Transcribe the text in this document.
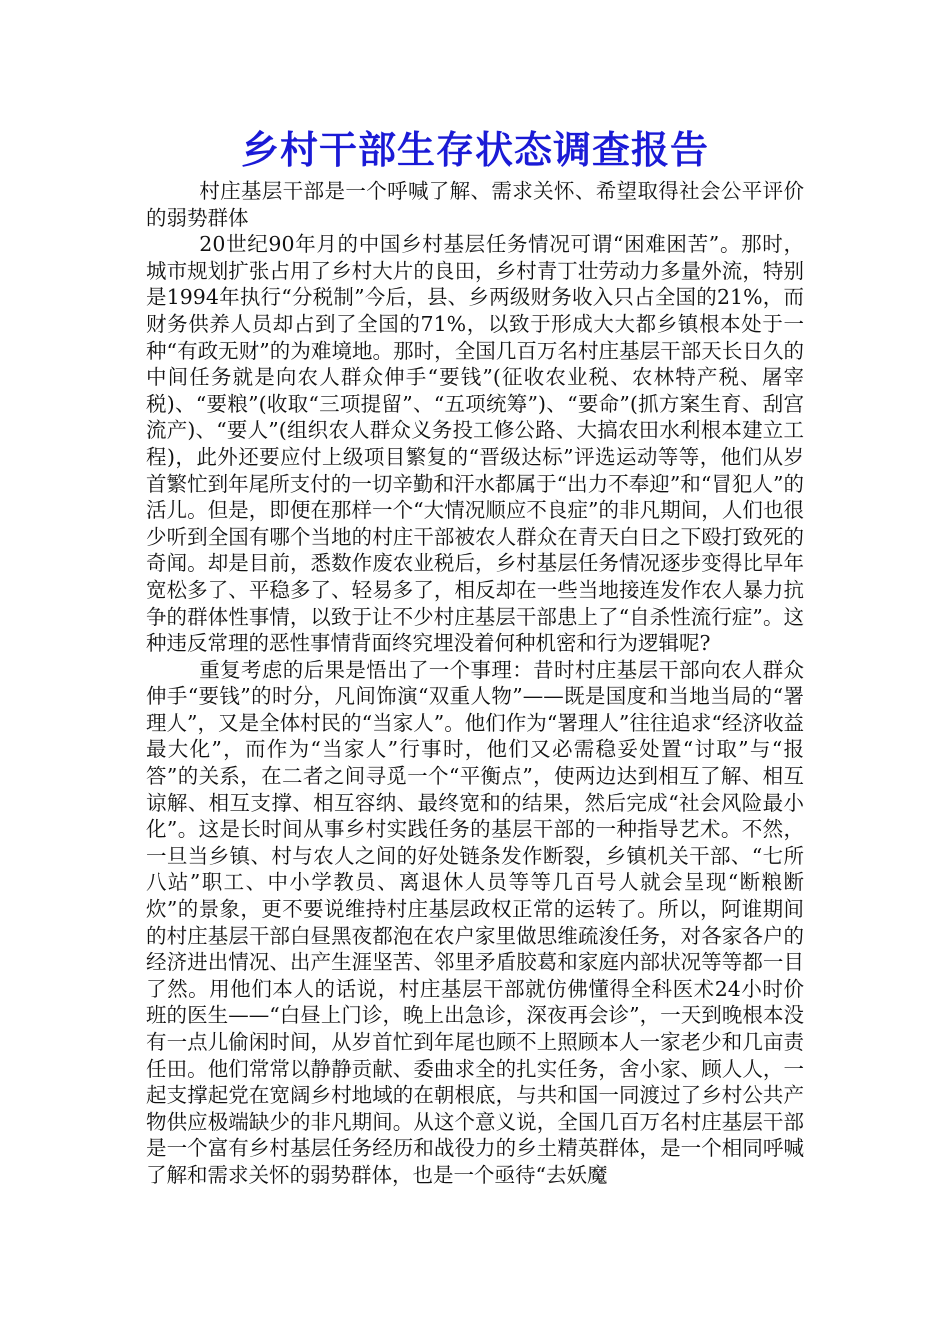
乡村干部生存状态调查报告

村庄基层干部是一个呼喊了解、需求关怀、希望取得社会公平评价的弱势群体

20世纪90年月的中国乡村基层任务情况可谓“困难困苦”。那时，城市规划扩张占用了乡村大片的良田，乡村青丁壮劳动力多量外流，特别是1994年执行“分税制”今后，县、乡两级财务收入只占全国的21%，而财务供养人员却占到了全国的71%，以致于形成大大都乡镇根本处于一种“有政无财”的为难境地。那时，全国几百万名村庄基层干部天长日久的中间任务就是向农人群众伸手“要钱”(征收农业税、农林特产税、屠宰税)、“要粮”(收取“三项提留”、“五项统筹”)、“要命”(抓方案生育、刮宫流产)、“要人”(组织农人群众义务投工修公路、大搞农田水利根本建立工程)，此外还要应付上级项目繁复的“晋级达标”评选运动等等，他们从岁首繁忙到年尾所支付的一切辛勤和汗水都属于“出力不奉迎”和“冒犯人”的活儿。但是，即便在那样一个“大情况顺应不良症”的非凡期间，人们也很少听到全国有哪个当地的村庄干部被农人群众在青天白日之下殴打致死的奇闻。却是目前，悉数作废农业税后，乡村基层任务情况逐步变得比早年宽松多了、平稳多了、轻易多了，相反却在一些当地接连发作农人暴力抗争的群体性事情，以致于让不少村庄基层干部患上了“自杀性流行症”。这种违反常理的恶性事情背面终究埋没着何种机密和行为逻辑呢?

重复考虑的后果是悟出了一个事理：昔时村庄基层干部向农人群众伸手“要钱”的时分，凡间饰演“双重人物”——既是国度和当地当局的“署理人”，又是全体村民的“当家人”。他们作为“署理人”往往追求“经济收益最大化”，而作为“当家人”行事时，他们又必需稳妥处置“讨取”与“报答”的关系，在二者之间寻觅一个“平衡点”，使两边达到相互了解、相互谅解、相互支撑、相互容纳、最终宽和的结果，然后完成“社会风险最小化”。这是长时间从事乡村实践任务的基层干部的一种指导艺术。不然，一旦当乡镇、村与农人之间的好处链条发作断裂，乡镇机关干部、“七所八站”职工、中小学教员、离退休人员等等几百号人就会呈现“断粮断炊”的景象，更不要说维持村庄基层政权正常的运转了。所以，阿谁期间的村庄基层干部白昼黑夜都泡在农户家里做思维疏浚任务，对各家各户的经济进出情况、出产生涯坚苦、邻里矛盾胶葛和家庭内部状况等等都一目了然。用他们本人的话说，村庄基层干部就仿佛懂得全科医术24小时价班的医生——“白昼上门诊，晚上出急诊，深夜再会诊”，一天到晚根本没有一点儿偷闲时间，从岁首忙到年尾也顾不上照顾本人一家老少和几亩责任田。他们常常以静静贡献、委曲求全的扎实任务，舍小家、顾人人，一起支撑起党在宽阔乡村地域的在朝根底，与共和国一同渡过了乡村公共产物供应极端缺少的非凡期间。从这个意义说，全国几百万名村庄基层干部是一个富有乡村基层任务经历和战役力的乡土精英群体，是一个相同呼喊了解和需求关怀的弱势群体，也是一个亟待“去妖魔
